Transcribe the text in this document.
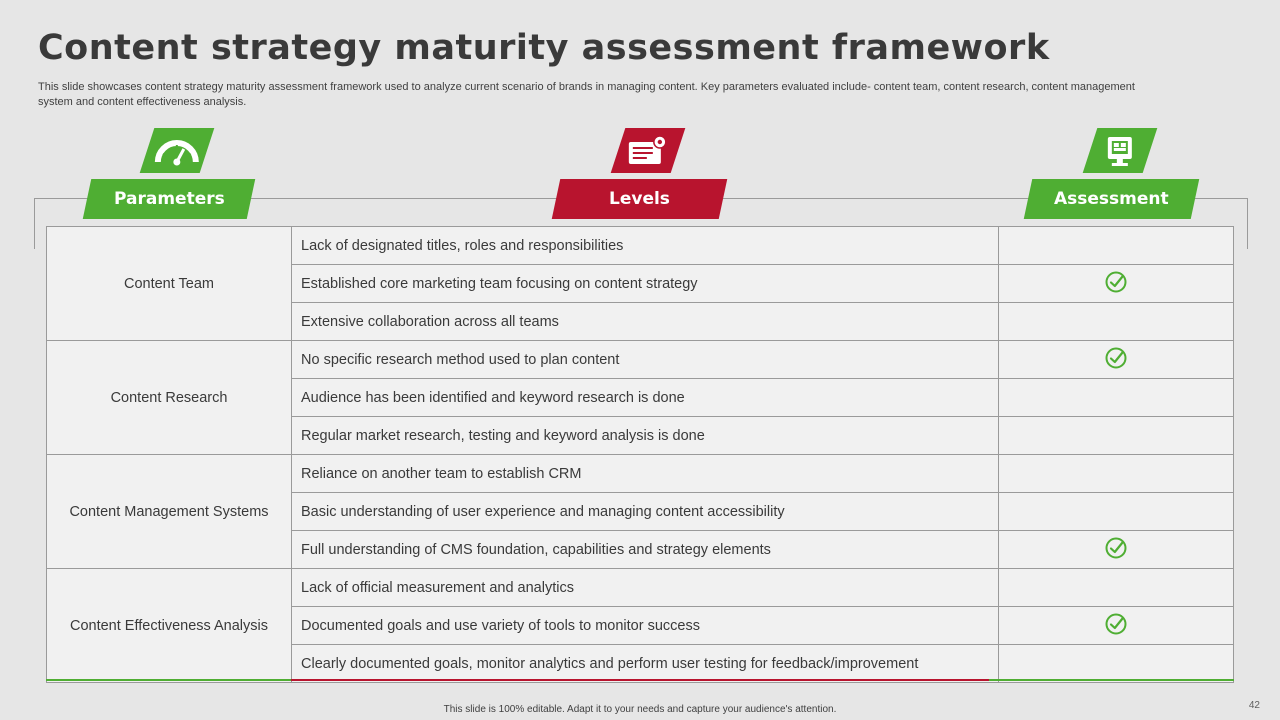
Content strategy maturity assessment framework
This slide showcases content strategy maturity assessment framework used to analyze current scenario of brands in managing content. Key parameters evaluated include- content team, content research, content management system and content effectiveness analysis.
Parameters	Levels	Assessment
Content Team	Lack of designated titles, roles and responsibilities	
	Established core marketing team focusing on content strategy	
	Extensive collaboration across all teams	
Content Research	No specific research method used to plan content	
	Audience has been identified and keyword research is done	
	Regular market research, testing and keyword analysis is done	
Content Management Systems	Reliance on another team to establish CRM	
	Basic understanding of user experience and managing content accessibility	
	Full understanding of CMS foundation, capabilities and strategy elements	
Content Effectiveness Analysis	Lack of official measurement and analytics	
	Documented goals and use variety of tools to monitor success	
	Clearly documented goals, monitor analytics and perform user testing for feedback/improvement	
This slide is 100% editable. Adapt it to your needs and capture your audience's attention.	42
